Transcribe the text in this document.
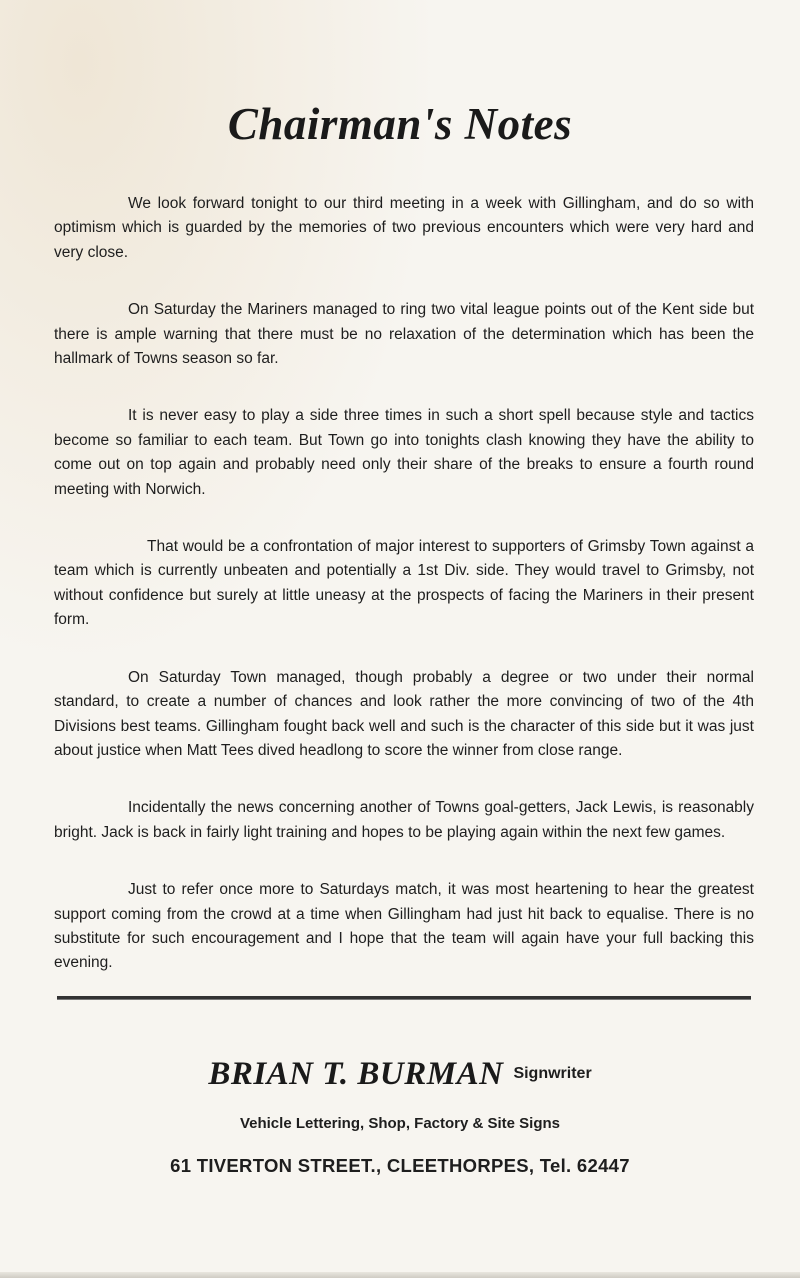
Chairman's Notes

We look forward tonight to our third meeting in a week with Gillingham, and do so with optimism which is guarded by the memories of two previous encounters which were very hard and very close.

On Saturday the Mariners managed to ring two vital league points out of the Kent side but there is ample warning that there must be no relaxation of the determination which has been the hallmark of Towns season so far.

It is never easy to play a side three times in such a short spell because style and tactics become so familiar to each team. But Town go into tonights clash knowing they have the ability to come out on top again and probably need only their share of the breaks to ensure a fourth round meeting with Norwich.

That would be a confrontation of major interest to supporters of Grimsby Town against a team which is currently unbeaten and potentially a 1st Div. side. They would travel to Grimsby, not without confidence but surely at little uneasy at the prospects of facing the Mariners in their present form.

On Saturday Town managed, though probably a degree or two under their normal standard, to create a number of chances and look rather the more convincing of two of the 4th Divisions best teams. Gillingham fought back well and such is the character of this side but it was just about justice when Matt Tees dived headlong to score the winner from close range.

Incidentally the news concerning another of Towns goal-getters, Jack Lewis, is reasonably bright. Jack is back in fairly light training and hopes to be playing again within the next few games.

Just to refer once more to Saturdays match, it was most heartening to hear the greatest support coming from the crowd at a time when Gillingham had just hit back to equalise. There is no substitute for such encouragement and I hope that the team will again have your full backing this evening.

BRIAN T. BURMAN Signwriter
Vehicle Lettering, Shop, Factory & Site Signs
61 TIVERTON STREET., CLEETHORPES, Tel. 62447
